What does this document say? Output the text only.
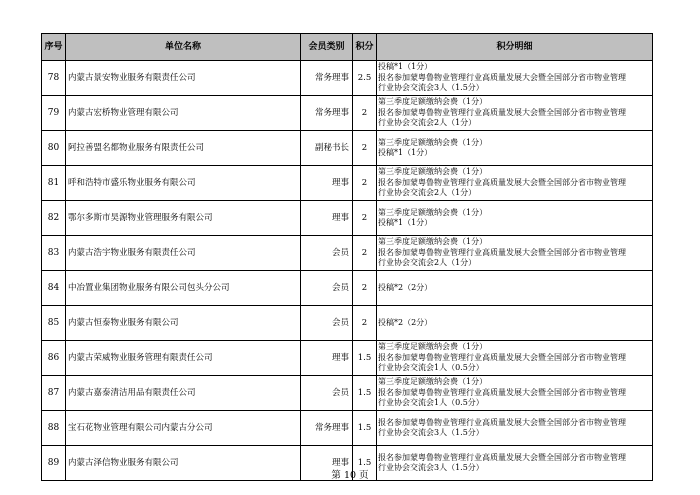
序号	单位名称	会员类别	积分	积分明细
78	内蒙古景安物业服务有限责任公司	常务理事	2.5	投稿*1（1分）
报名参加蒙粤鲁物业管理行业高质量发展大会暨全国部分省市物业管理
行业协会交流会3人（1.5分）

79	内蒙古宏桥物业管理有限公司	常务理事	2	第三季度足额缴纳会费（1分）
报名参加蒙粤鲁物业管理行业高质量发展大会暨全国部分省市物业管理
行业协会交流会2人（1分）

80	阿拉善盟名都物业服务有限责任公司	副秘书长	2	第三季度足额缴纳会费（1分）
投稿*1（1分）

81	呼和浩特市盛乐物业服务有限公司	理事	2	第三季度足额缴纳会费（1分）
报名参加蒙粤鲁物业管理行业高质量发展大会暨全国部分省市物业管理
行业协会交流会2人（1分）

82	鄂尔多斯市昊源物业管理服务有限公司	理事	2	第三季度足额缴纳会费（1分）
投稿*1（1分）

83	内蒙古浩宇物业服务有限责任公司	会员	2	第三季度足额缴纳会费（1分）
报名参加蒙粤鲁物业管理行业高质量发展大会暨全国部分省市物业管理
行业协会交流会2人（1分）

84	中冶置业集团物业服务有限公司包头分公司	会员	2	投稿*2（2分）

85	内蒙古恒泰物业服务有限公司	会员	2	投稿*2（2分）

86	内蒙古荣威物业服务管理有限责任公司	理事	1.5	第三季度足额缴纳会费（1分）
报名参加蒙粤鲁物业管理行业高质量发展大会暨全国部分省市物业管理
行业协会交流会1人（0.5分）

87	内蒙古嘉泰清洁用品有限责任公司	会员	1.5	第三季度足额缴纳会费（1分）
报名参加蒙粤鲁物业管理行业高质量发展大会暨全国部分省市物业管理
行业协会交流会1人（0.5分）

88	宝石花物业管理有限公司内蒙古分公司	常务理事	1.5	报名参加蒙粤鲁物业管理行业高质量发展大会暨全国部分省市物业管理
行业协会交流会3人（1.5分）

89	内蒙古泽信物业服务有限公司	理事	1.5	报名参加蒙粤鲁物业管理行业高质量发展大会暨全国部分省市物业管理
行业协会交流会3人（1.5分）
第 10 页
